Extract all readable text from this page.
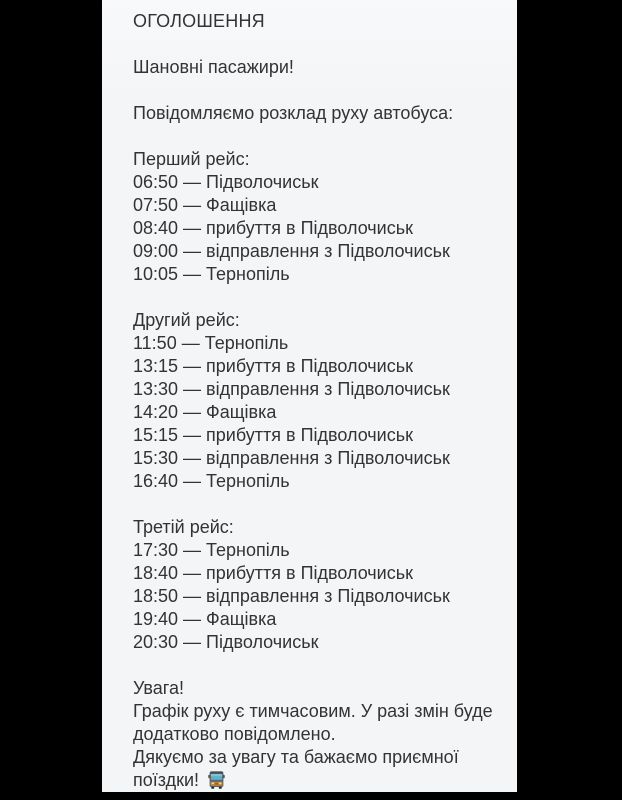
ОГОЛОШЕННЯ
Шановні пасажири!
Повідомляємо розклад руху автобуса:
Перший рейс:
06:50 — Підволочиськ
07:50 — Фащівка
08:40 — прибуття в Підволочиськ
09:00 — відправлення з Підволочиськ
10:05 — Тернопіль
Другий рейс:
11:50 — Тернопіль
13:15 — прибуття в Підволочиськ
13:30 — відправлення з Підволочиськ
14:20 — Фащівка
15:15 — прибуття в Підволочиськ
15:30 — відправлення з Підволочиськ
16:40 — Тернопіль
Третій рейс:
17:30 — Тернопіль
18:40 — прибуття в Підволочиськ
18:50 — відправлення з Підволочиськ
19:40 — Фащівка
20:30 — Підволочиськ
Увага!
Графік руху є тимчасовим. У разі змін буде
додатково повідомлено.
Дякуємо за увагу та бажаємо приємної
поїздки!
